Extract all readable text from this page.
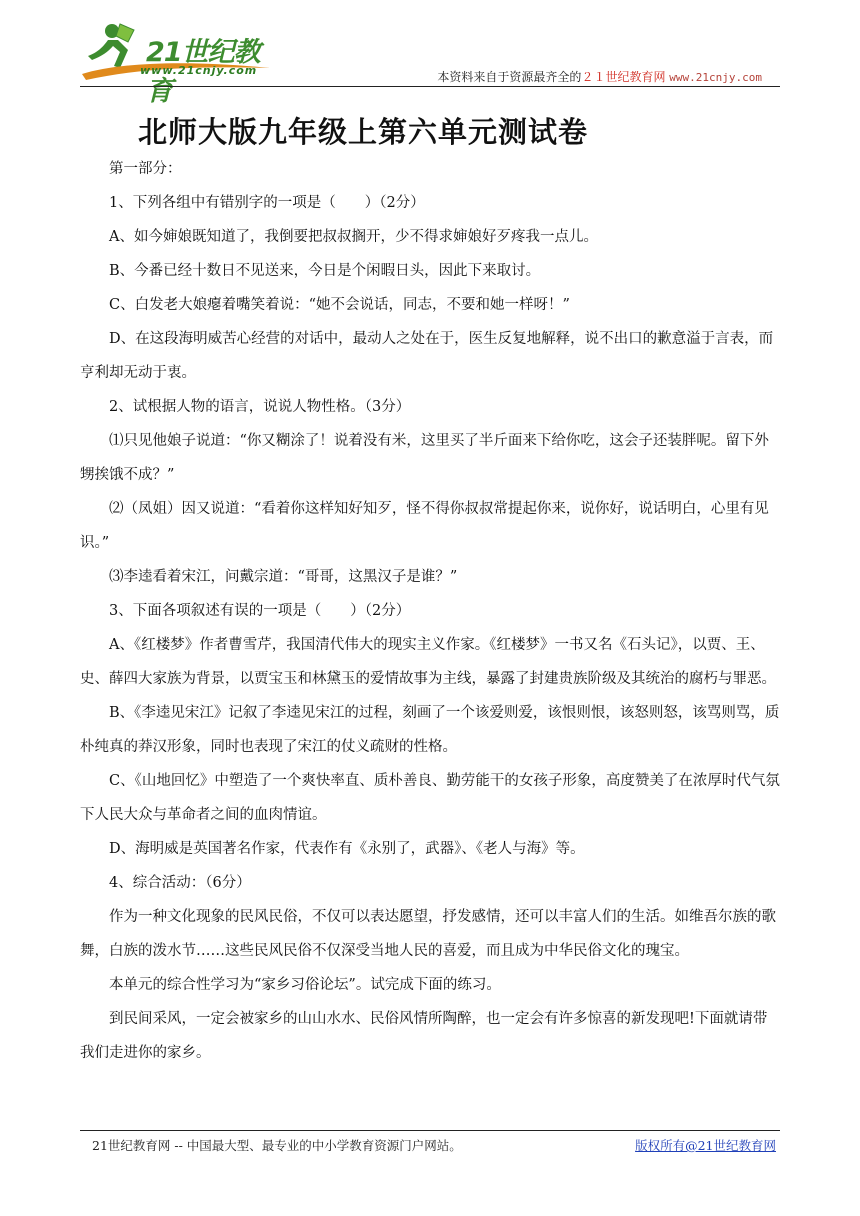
21世纪教育
www.21cnjy.com	本资料来自于资源最齐全的２１世纪教育网 www.21cnjy.com
北师大版九年级上第六单元测试卷

第一部分：

1、下列各组中有错别字的一项是（　　）（2分）

A、如今婶娘既知道了，我倒要把叔叔搁开，少不得求婶娘好歹疼我一点儿。

B、今番已经十数日不见送来，今日是个闲暇日头，因此下来取讨。

C、白发老大娘瘪着嘴笑着说：“她不会说话，同志，不要和她一样呀！”

D、在这段海明威苦心经营的对话中，最动人之处在于，医生反复地解释，说不出口的歉意溢于言表，而亨利却无动于衷。

2、试根据人物的语言，说说人物性格。（3分）

⑴只见他娘子说道：“你又糊涂了！说着没有米，这里买了半斤面来下给你吃，这会子还装胖呢。留下外甥挨饿不成？”

⑵（凤姐）因又说道：“看着你这样知好知歹，怪不得你叔叔常提起你来，说你好，说话明白，心里有见识。”

⑶李逵看着宋江，问戴宗道：“哥哥，这黑汉子是谁？”

3、下面各项叙述有误的一项是（　　）（2分）

A、《红楼梦》作者曹雪芹，我国清代伟大的现实主义作家。《红楼梦》一书又名《石头记》，以贾、王、史、薛四大家族为背景，以贾宝玉和林黛玉的爱情故事为主线，暴露了封建贵族阶级及其统治的腐朽与罪恶。

B、《李逵见宋江》记叙了李逵见宋江的过程，刻画了一个该爱则爱，该恨则恨，该怒则怒，该骂则骂，质朴纯真的莽汉形象，同时也表现了宋江的仗义疏财的性格。

C、《山地回忆》中塑造了一个爽快率直、质朴善良、勤劳能干的女孩子形象，高度赞美了在浓厚时代气氛下人民大众与革命者之间的血肉情谊。

D、海明威是英国著名作家，代表作有《永别了，武器》、《老人与海》等。

4、综合活动：（6分）

作为一种文化现象的民风民俗，不仅可以表达愿望，抒发感情，还可以丰富人们的生活。如维吾尔族的歌舞，白族的泼水节……这些民风民俗不仅深受当地人民的喜爱，而且成为中华民俗文化的瑰宝。

本单元的综合性学习为“家乡习俗论坛”。试完成下面的练习。

到民间采风，一定会被家乡的山山水水、民俗风情所陶醉，也一定会有许多惊喜的新发现吧!下面就请带我们走进你的家乡。

21世纪教育网 -- 中国最大型、最专业的中小学教育资源门户网站。	版权所有@21世纪教育网
